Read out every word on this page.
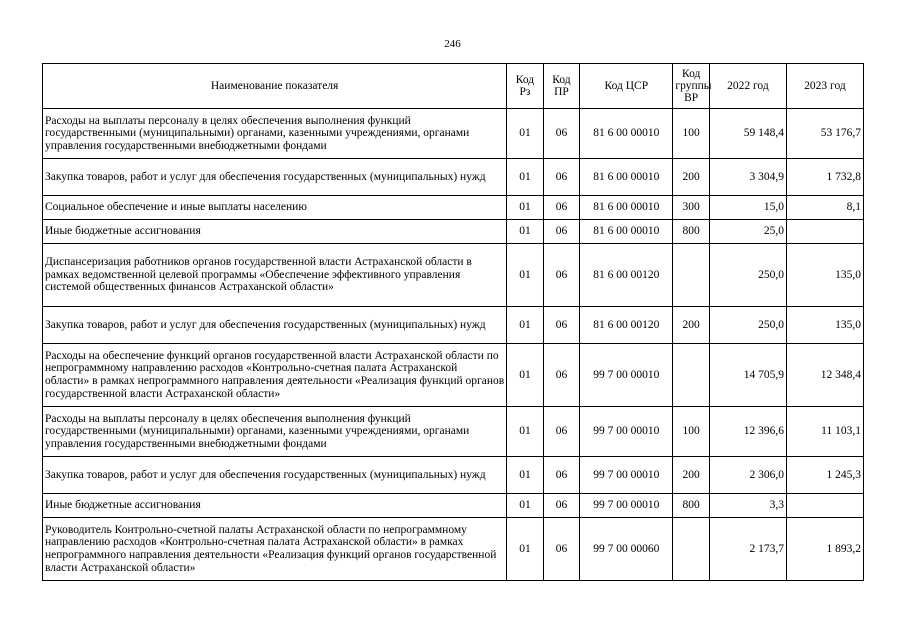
246
Наименование показателя	Код Рз	Код ПР	Код ЦСР	Код группы ВР	2022 год	2023 год
Расходы на выплаты персоналу в целях обеспечения выполнения функций государственными (муниципальными) органами, казенными учреждениями, органами управления государственными внебюджетными фондами	01	06	81 6 00 00010	100	59 148,4	53 176,7
Закупка товаров, работ и услуг для обеспечения государственных (муниципальных) нужд	01	06	81 6 00 00010	200	3 304,9	1 732,8
Социальное обеспечение и иные выплаты населению	01	06	81 6 00 00010	300	15,0	8,1
Иные бюджетные ассигнования	01	06	81 6 00 00010	800	25,0	
Диспансеризация работников органов государственной власти Астраханской области в рамках ведомственной целевой программы «Обеспечение эффективного управления системой общественных финансов Астраханской области»	01	06	81 6 00 00120		250,0	135,0
Закупка товаров, работ и услуг для обеспечения государственных (муниципальных) нужд	01	06	81 6 00 00120	200	250,0	135,0
Расходы на обеспечение функций органов государственной власти Астраханской области по непрограммному направлению расходов «Контрольно-счетная палата Астраханской области» в рамках непрограммного направления деятельности «Реализация функций органов государственной власти Астраханской области»	01	06	99 7 00 00010		14 705,9	12 348,4
Расходы на выплаты персоналу в целях обеспечения выполнения функций государственными (муниципальными) органами, казенными учреждениями, органами управления государственными внебюджетными фондами	01	06	99 7 00 00010	100	12 396,6	11 103,1
Закупка товаров, работ и услуг для обеспечения государственных (муниципальных) нужд	01	06	99 7 00 00010	200	2 306,0	1 245,3
Иные бюджетные ассигнования	01	06	99 7 00 00010	800	3,3	
Руководитель Контрольно-счетной палаты Астраханской области по непрограммному направлению расходов «Контрольно-счетная палата Астраханской области» в рамках непрограммного направления деятельности «Реализация функций органов государственной власти Астраханской области»	01	06	99 7 00 00060		2 173,7	1 893,2
